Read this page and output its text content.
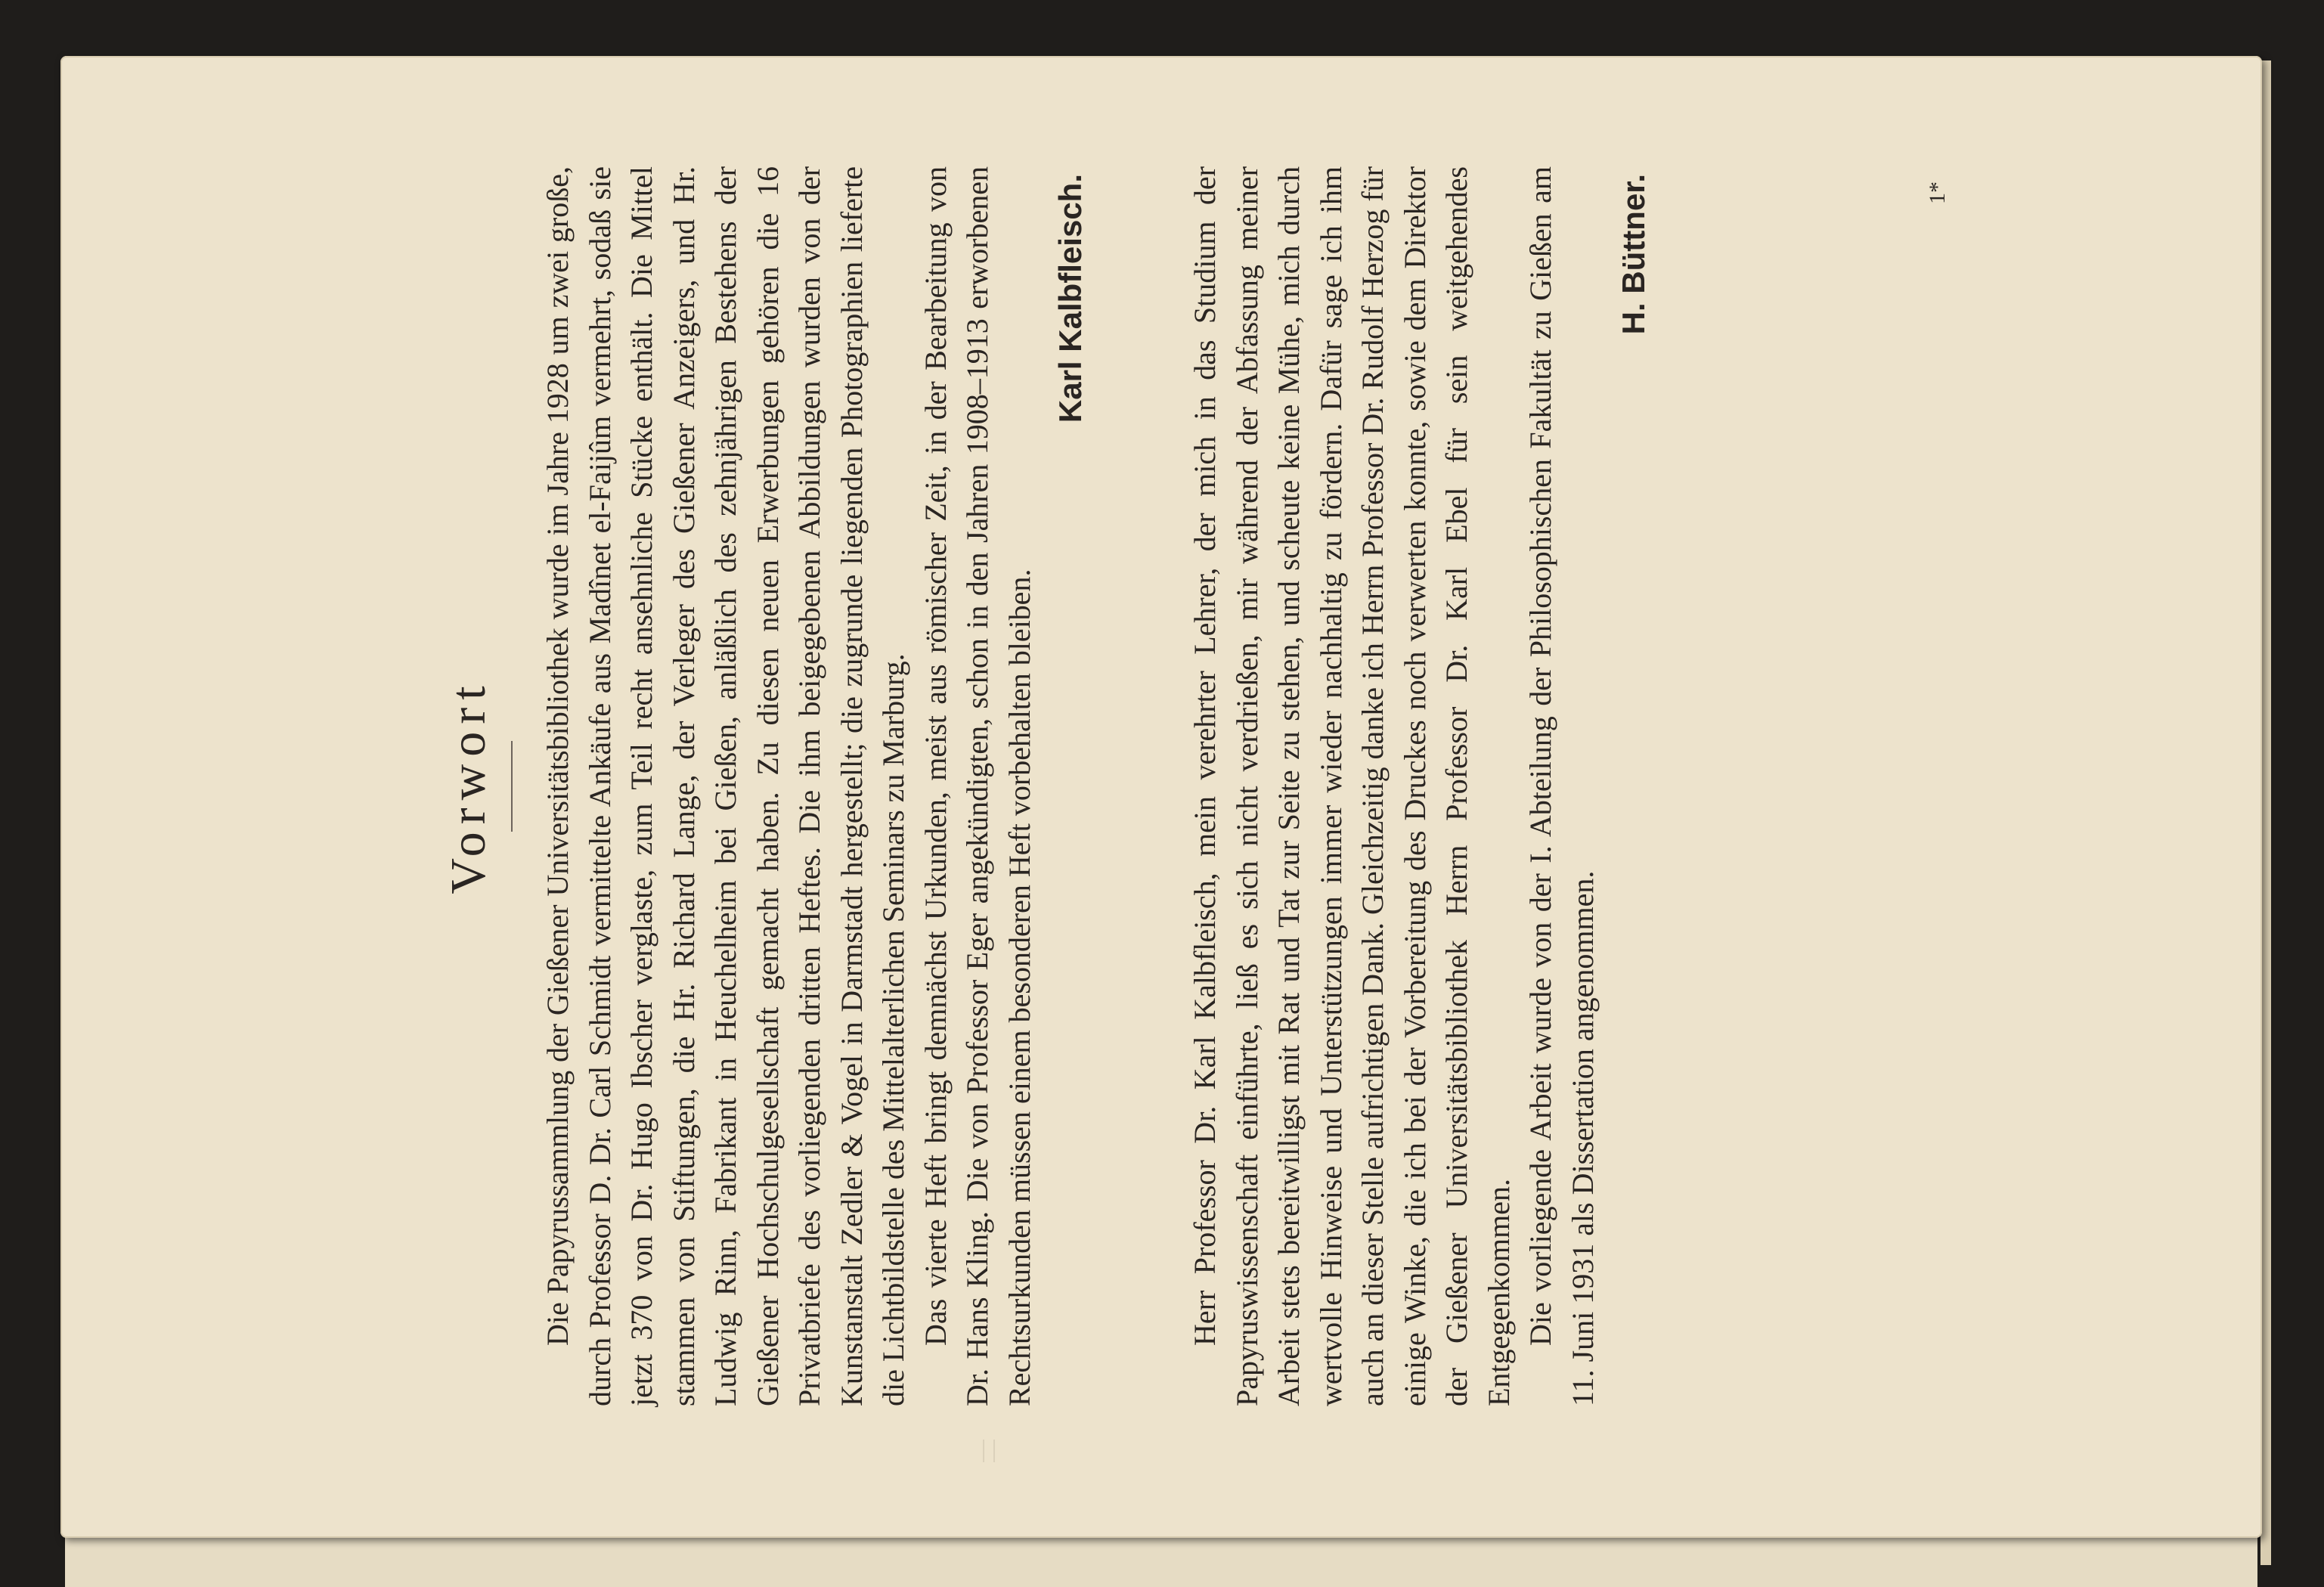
Vorwort Die Papyrussammlung der Gießener Universitätsbibliothek wurde im Jahre 1928 um zwei große, durch Professor D. Dr. Carl Schmidt vermittelte Ankäufe aus Madînet el-Faijûm vermehrt, sodaß sie jetzt 370 von Dr. Hugo Ibscher verglaste, zum Teil recht ansehnliche Stücke enthält. Die Mittel stammen von Stiftungen, die Hr. Richard Lange, der Verleger des Gießener Anzeigers, und Hr. Ludwig Rinn, Fabrikant in Heuchelheim bei Gießen, anläßlich des zehnjährigen Bestehens der Gießener Hochschulgesellschaft gemacht haben. Zu diesen neuen Erwerbungen gehören die 16 Privatbriefe des vorliegenden dritten Heftes. Die ihm beigegebenen Abbildungen wurden von der Kunstanstalt Zedler & Vogel in Darmstadt hergestellt; die zugrunde liegenden Photographien lieferte die Lichtbildstelle des Mittelalterlichen Seminars zu Marburg. Das vierte Heft bringt demnächst Urkunden, meist aus römischer Zeit, in der Bearbeitung von Dr. Hans Kling. Die von Professor Eger angekündigten, schon in den Jahren 1908–1913 erworbenen Rechtsurkunden müssen einem besonderen Heft vorbehalten bleiben.

Karl Kalbfleisch.	Herr Professor Dr. Karl Kalbfleisch, mein verehrter Lehrer, der mich in das Studium der Papyruswissenschaft einführte, ließ es sich nicht verdrießen, mir während der Abfassung meiner Arbeit stets bereitwilligst mit Rat und Tat zur Seite zu stehen, und scheute keine Mühe, mich durch wertvolle Hinweise und Unterstützungen immer wieder nachhaltig zu fördern. Dafür sage ich ihm auch an dieser Stelle aufrichtigen Dank. Gleichzeitig danke ich Herrn Professor Dr. Rudolf Herzog für einige Winke, die ich bei der Vorbereitung des Druckes noch verwerten konnte, sowie dem Direktor der Gießener Universitätsbibliothek Herrn Professor Dr. Karl Ebel für sein weitgehendes Entgegenkommen. Die vorliegende Arbeit wurde von der I. Abteilung der Philosophischen Fakultät zu Gießen am 11. Juni 1931 als Dissertation angenommen.

H. Büttner.	1*
